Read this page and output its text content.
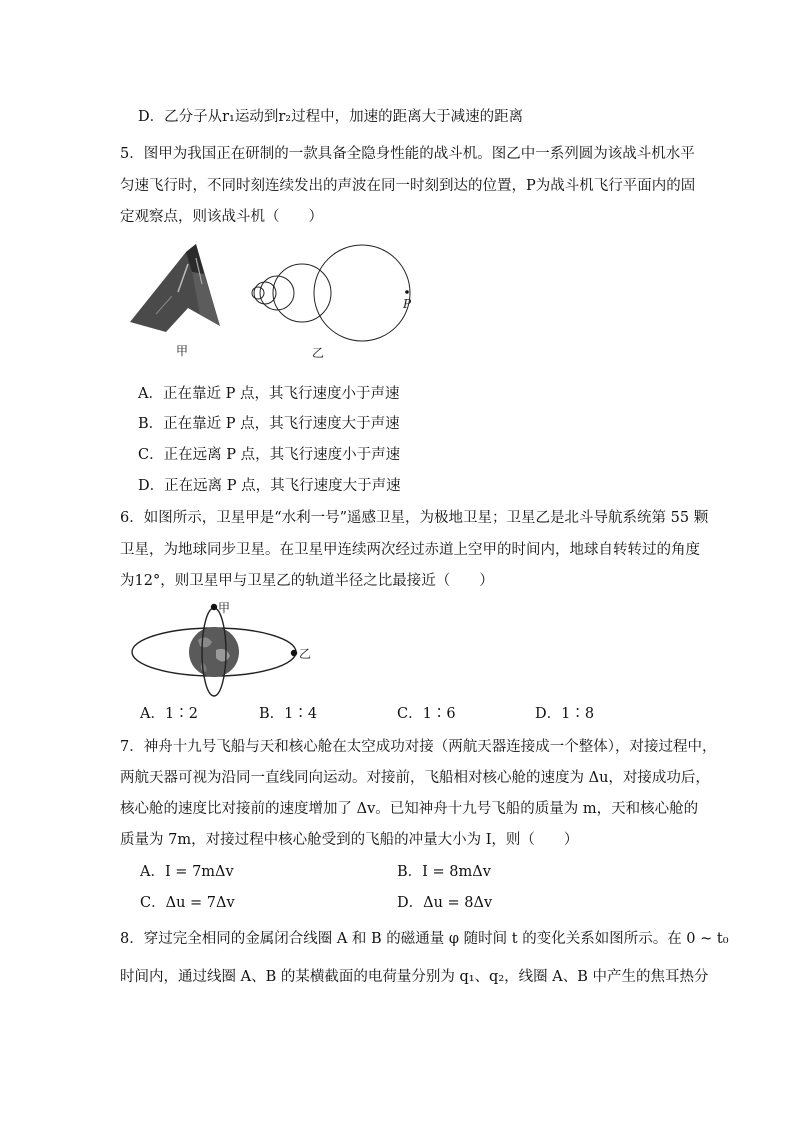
D．乙分子从r₁运动到r₂过程中，加速的距离大于减速的距离
5．图甲为我国正在研制的一款具备全隐身性能的战斗机。图乙中一系列圆为该战斗机水平
匀速飞行时，不同时刻连续发出的声波在同一时刻到达的位置，P为战斗机飞行平面内的固
定观察点，则该战斗机（　　）
甲
P
乙
A．正在靠近 P 点，其飞行速度小于声速
B．正在靠近 P 点，其飞行速度大于声速
C．正在远离 P 点，其飞行速度小于声速
D．正在远离 P 点，其飞行速度大于声速
6．如图所示，卫星甲是“水利一号”遥感卫星，为极地卫星；卫星乙是北斗导航系统第 55 颗
卫星，为地球同步卫星。在卫星甲连续两次经过赤道上空甲的时间内，地球自转转过的角度
为12°，则卫星甲与卫星乙的轨道半径之比最接近（　　）
甲
乙
A．1∶2	B．1∶4	C．1∶6	D．1∶8
7．神舟十九号飞船与天和核心舱在太空成功对接（两航天器连接成一个整体），对接过程中，
两航天器可视为沿同一直线同向运动。对接前，飞船相对核心舱的速度为 Δu，对接成功后，
核心舱的速度比对接前的速度增加了 Δv。已知神舟十九号飞船的质量为 m，天和核心舱的
质量为 7m，对接过程中核心舱受到的飞船的冲量大小为 I，则（　　）
A．I = 7mΔv	B．I = 8mΔv
C．Δu = 7Δv	D．Δu = 8Δv
8．穿过完全相同的金属闭合线圈 A 和 B 的磁通量 φ 随时间 t 的变化关系如图所示。在 0 ~ t₀
时间内，通过线圈 A、B 的某横截面的电荷量分别为 q₁、q₂，线圈 A、B 中产生的焦耳热分
